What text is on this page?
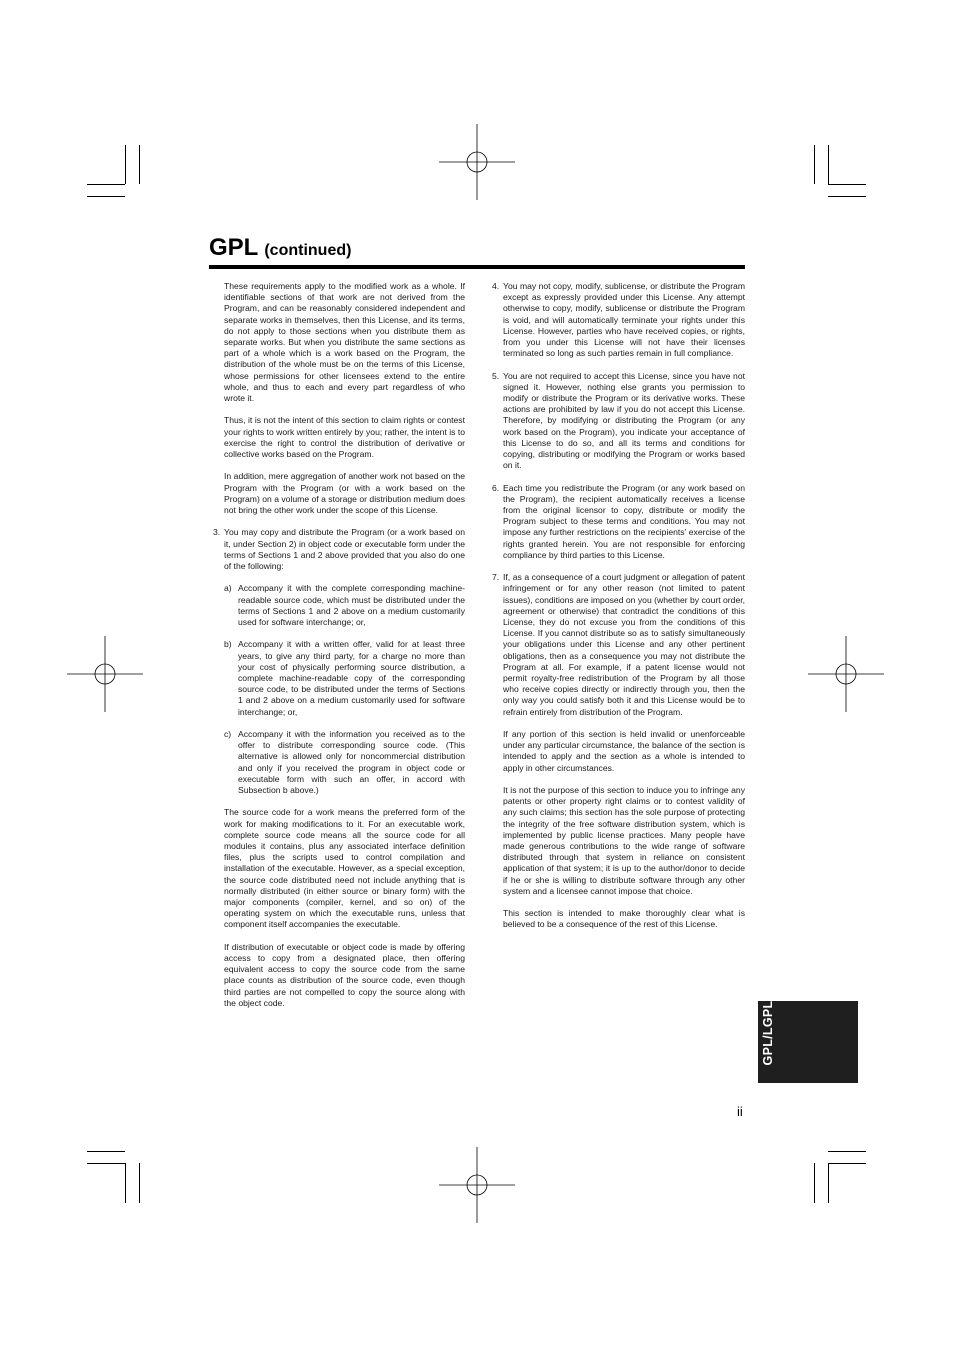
GPL (continued)

These requirements apply to the modified work as a whole. If identifiable sections of that work are not derived from the Program, and can be reasonably considered independent and separate works in themselves, then this License, and its terms, do not apply to those sections when you distribute them as separate works. But when you distribute the same sections as part of a whole which is a work based on the Program, the distribution of the whole must be on the terms of this License, whose permissions for other licensees extend to the entire whole, and thus to each and every part regardless of who wrote it.

Thus, it is not the intent of this section to claim rights or contest your rights to work written entirely by you; rather, the intent is to exercise the right to control the distribution of derivative or collective works based on the Program.

In addition, mere aggregation of another work not based on the Program with the Program (or with a work based on the Program) on a volume of a storage or distribution medium does not bring the other work under the scope of this License.

3. You may copy and distribute the Program (or a work based on it, under Section 2) in object code or executable form under the terms of Sections 1 and 2 above provided that you also do one of the following:

a) Accompany it with the complete corresponding machine-readable source code, which must be distributed under the terms of Sections 1 and 2 above on a medium customarily used for software interchange; or,

b) Accompany it with a written offer, valid for at least three years, to give any third party, for a charge no more than your cost of physically performing source distribution, a complete machine-readable copy of the corresponding source code, to be distributed under the terms of Sections 1 and 2 above on a medium customarily used for software interchange; or,

c) Accompany it with the information you received as to the offer to distribute corresponding source code. (This alternative is allowed only for noncommercial distribution and only if you received the program in object code or executable form with such an offer, in accord with Subsection b above.)

The source code for a work means the preferred form of the work for making modifications to it. For an executable work, complete source code means all the source code for all modules it contains, plus any associated interface definition files, plus the scripts used to control compilation and installation of the executable. However, as a special exception, the source code distributed need not include anything that is normally distributed (in either source or binary form) with the major components (compiler, kernel, and so on) of the operating system on which the executable runs, unless that component itself accompanies the executable.

If distribution of executable or object code is made by offering access to copy from a designated place, then offering equivalent access to copy the source code from the same place counts as distribution of the source code, even though third parties are not compelled to copy the source along with the object code.

4. You may not copy, modify, sublicense, or distribute the Program except as expressly provided under this License. Any attempt otherwise to copy, modify, sublicense or distribute the Program is void, and will automatically terminate your rights under this License. However, parties who have received copies, or rights, from you under this License will not have their licenses terminated so long as such parties remain in full compliance.

5. You are not required to accept this License, since you have not signed it. However, nothing else grants you permission to modify or distribute the Program or its derivative works. These actions are prohibited by law if you do not accept this License. Therefore, by modifying or distributing the Program (or any work based on the Program), you indicate your acceptance of this License to do so, and all its terms and conditions for copying, distributing or modifying the Program or works based on it.

6. Each time you redistribute the Program (or any work based on the Program), the recipient automatically receives a license from the original licensor to copy, distribute or modify the Program subject to these terms and conditions. You may not impose any further restrictions on the recipients’ exercise of the rights granted herein. You are not responsible for enforcing compliance by third parties to this License.

7. If, as a consequence of a court judgment or allegation of patent infringement or for any other reason (not limited to patent issues), conditions are imposed on you (whether by court order, agreement or otherwise) that contradict the conditions of this License, they do not excuse you from the conditions of this License. If you cannot distribute so as to satisfy simultaneously your obligations under this License and any other pertinent obligations, then as a consequence you may not distribute the Program at all. For example, if a patent license would not permit royalty-free redistribution of the Program by all those who receive copies directly or indirectly through you, then the only way you could satisfy both it and this License would be to refrain entirely from distribution of the Program.

If any portion of this section is held invalid or unenforceable under any particular circumstance, the balance of the section is intended to apply and the section as a whole is intended to apply in other circumstances.

It is not the purpose of this section to induce you to infringe any patents or other property right claims or to contest validity of any such claims; this section has the sole purpose of protecting the integrity of the free software distribution system, which is implemented by public license practices. Many people have made generous contributions to the wide range of software distributed through that system in reliance on consistent application of that system; it is up to the author/donor to decide if he or she is willing to distribute software through any other system and a licensee cannot impose that choice.

This section is intended to make thoroughly clear what is believed to be a consequence of the rest of this License.

GPL/LGPL
ii
